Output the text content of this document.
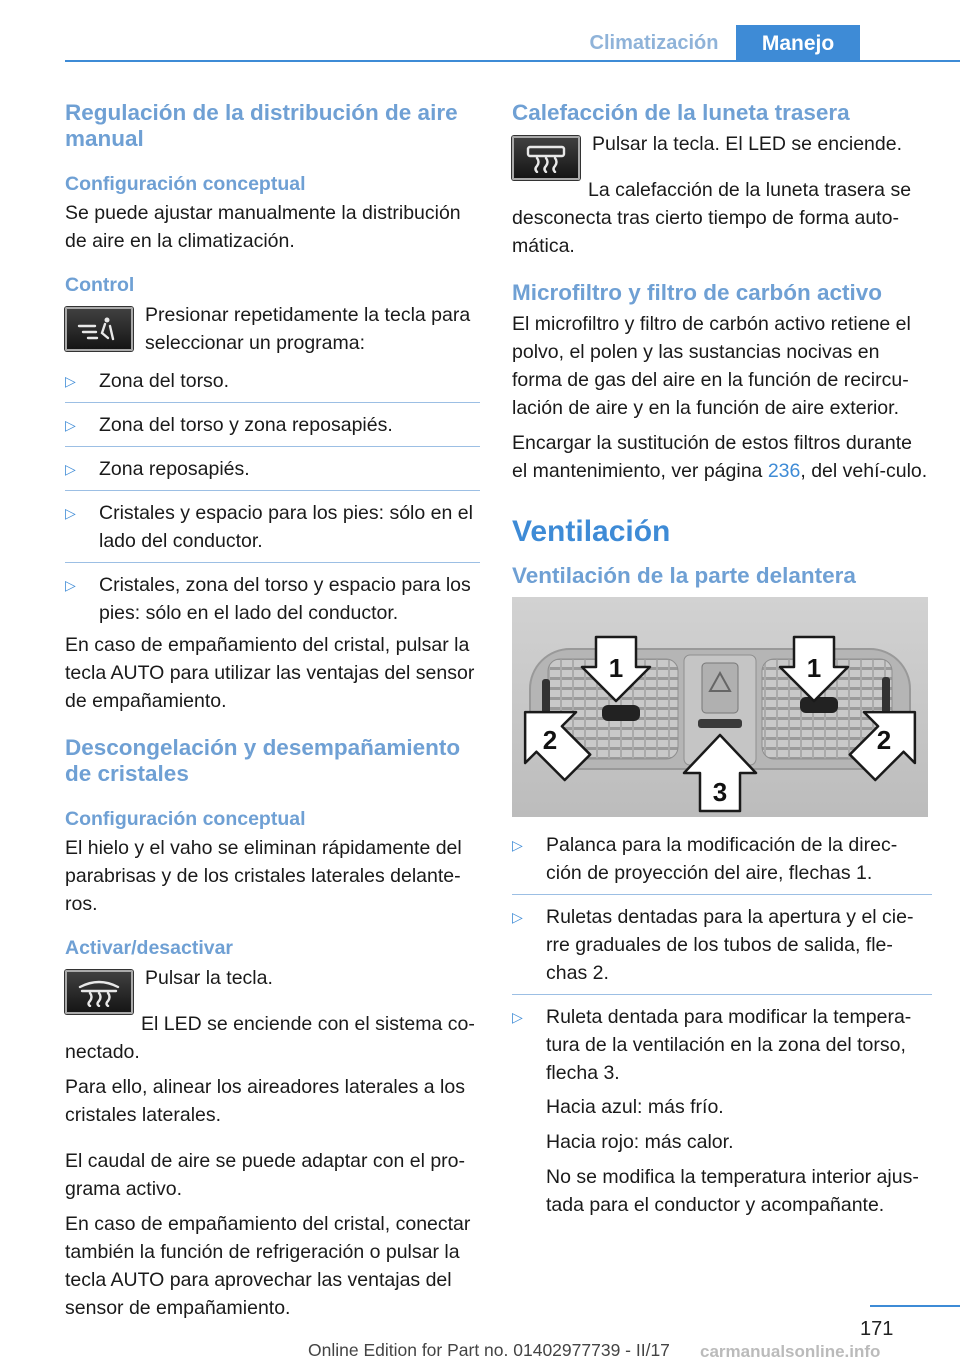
Climatización	Manejo
Regulación de la distribución de aire manual
Configuración conceptual

Se puede ajustar manualmente la distribución de aire en la climatización.

Control

Presionar repetidamente la tecla para seleccionar un programa:

▷ Zona del torso.
▷ Zona del torso y zona reposapiés.
▷ Zona reposapiés.
▷ Cristales y espacio para los pies: sólo en el lado del conductor.
▷ Cristales, zona del torso y espacio para los pies: sólo en el lado del conductor.

En caso de empañamiento del cristal, pulsar la tecla AUTO para utilizar las ventajas del sensor de empañamiento.

Descongelación y desempañamiento de cristales
Configuración conceptual

El hielo y el vaho se eliminan rápidamente del parabrisas y de los cristales laterales delante-ros.

Activar/desactivar

Pulsar la tecla.

El LED se enciende con el sistema co-nectado.

Para ello, alinear los aireadores laterales a los cristales laterales.

El caudal de aire se puede adaptar con el pro-grama activo.

En caso de empañamiento del cristal, conectar también la función de refrigeración o pulsar la tecla AUTO para aprovechar las ventajas del sensor de empañamiento.

Calefacción de la luneta trasera

Pulsar la tecla. El LED se enciende.

La calefacción de la luneta trasera se desconecta tras cierto tiempo de forma auto-mática.

Microfiltro y filtro de carbón activo

El microfiltro y filtro de carbón activo retiene el polvo, el polen y las sustancias nocivas en forma de gas del aire en la función de recircu-lación de aire y en la función de aire exterior.

Encargar la sustitución de estos filtros durante el mantenimiento, ver página 236, del vehí-culo.

Ventilación
Ventilación de la parte delantera
1	1
2	2
3
▷ Palanca para la modificación de la direc-ción de proyección del aire, flechas 1.
▷ Ruletas dentadas para la apertura y el cie-rre graduales de los tubos de salida, fle-chas 2.
▷ Ruleta dentada para modificar la tempera-tura de la ventilación en la zona del torso, flecha 3.

Hacia azul: más frío.

Hacia rojo: más calor.

No se modifica la temperatura interior ajus-tada para el conductor y acompañante.

171
Online Edition for Part no. 01402977739 - II/17 carmanualsonline.info
